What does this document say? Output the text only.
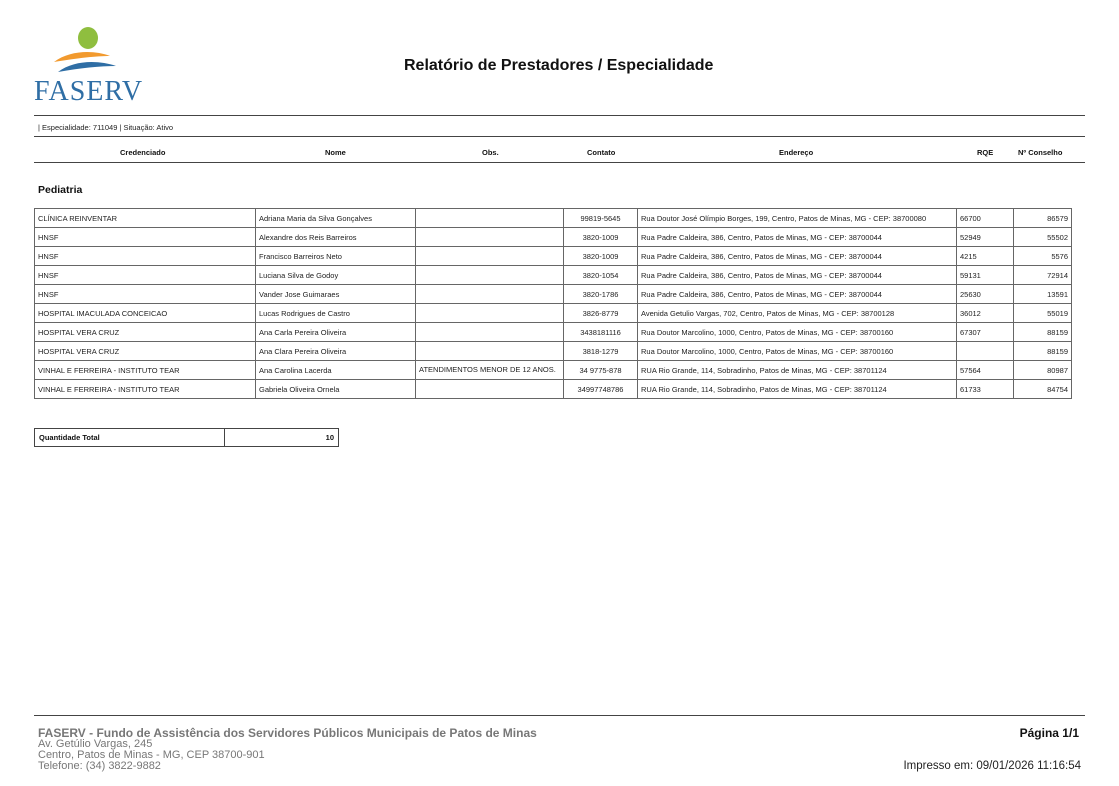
FASERV
Relatório de Prestadores / Especialidade
| Especialidade: 711049 | Situação: Ativo
Credenciado	Nome	Obs.	Contato	Endereço	RQE	Nº Conselho
Pediatria
CLÍNICA REINVENTAR	Adriana Maria da Silva Gonçalves		99819-5645	Rua Doutor José Olímpio Borges, 199, Centro, Patos de Minas, MG - CEP: 38700080	66700	86579
HNSF	Alexandre dos Reis Barreiros		3820-1009	Rua Padre Caldeira, 386, Centro, Patos de Minas, MG - CEP: 38700044	52949	55502
HNSF	Francisco Barreiros Neto		3820-1009	Rua Padre Caldeira, 386, Centro, Patos de Minas, MG - CEP: 38700044	4215	5576
HNSF	Luciana Silva de Godoy		3820-1054	Rua Padre Caldeira, 386, Centro, Patos de Minas, MG - CEP: 38700044	59131	72914
HNSF	Vander Jose Guimaraes		3820-1786	Rua Padre Caldeira, 386, Centro, Patos de Minas, MG - CEP: 38700044	25630	13591
HOSPITAL IMACULADA CONCEICAO	Lucas Rodrigues de Castro		3826-8779	Avenida Getulio Vargas, 702, Centro, Patos de Minas, MG - CEP: 38700128	36012	55019
HOSPITAL VERA CRUZ	Ana Carla Pereira Oliveira		3438181116	Rua Doutor Marcolino, 1000, Centro, Patos de Minas, MG - CEP: 38700160	67307	88159
HOSPITAL VERA CRUZ	Ana Clara Pereira Oliveira		3818-1279	Rua Doutor Marcolino, 1000, Centro, Patos de Minas, MG - CEP: 38700160		88159
VINHAL E FERREIRA - INSTITUTO TEAR	Ana Carolina Lacerda	ATENDIMENTOS MENOR DE 12 ANOS.	34 9775-878	RUA Rio Grande, 114, Sobradinho, Patos de Minas, MG - CEP: 38701124	57564	80987
VINHAL E FERREIRA - INSTITUTO TEAR	Gabriela Oliveira Ornela		34997748786	RUA Rio Grande, 114, Sobradinho, Patos de Minas, MG - CEP: 38701124	61733	84754
Quantidade Total	10
FASERV - Fundo de Assistência dos Servidores Públicos Municipais de Patos de Minas
Av. Getúlio Vargas, 245
Centro, Patos de Minas - MG, CEP 38700-901
Telefone: (34) 3822-9882
Página 1/1
Impresso em: 09/01/2026 11:16:54
